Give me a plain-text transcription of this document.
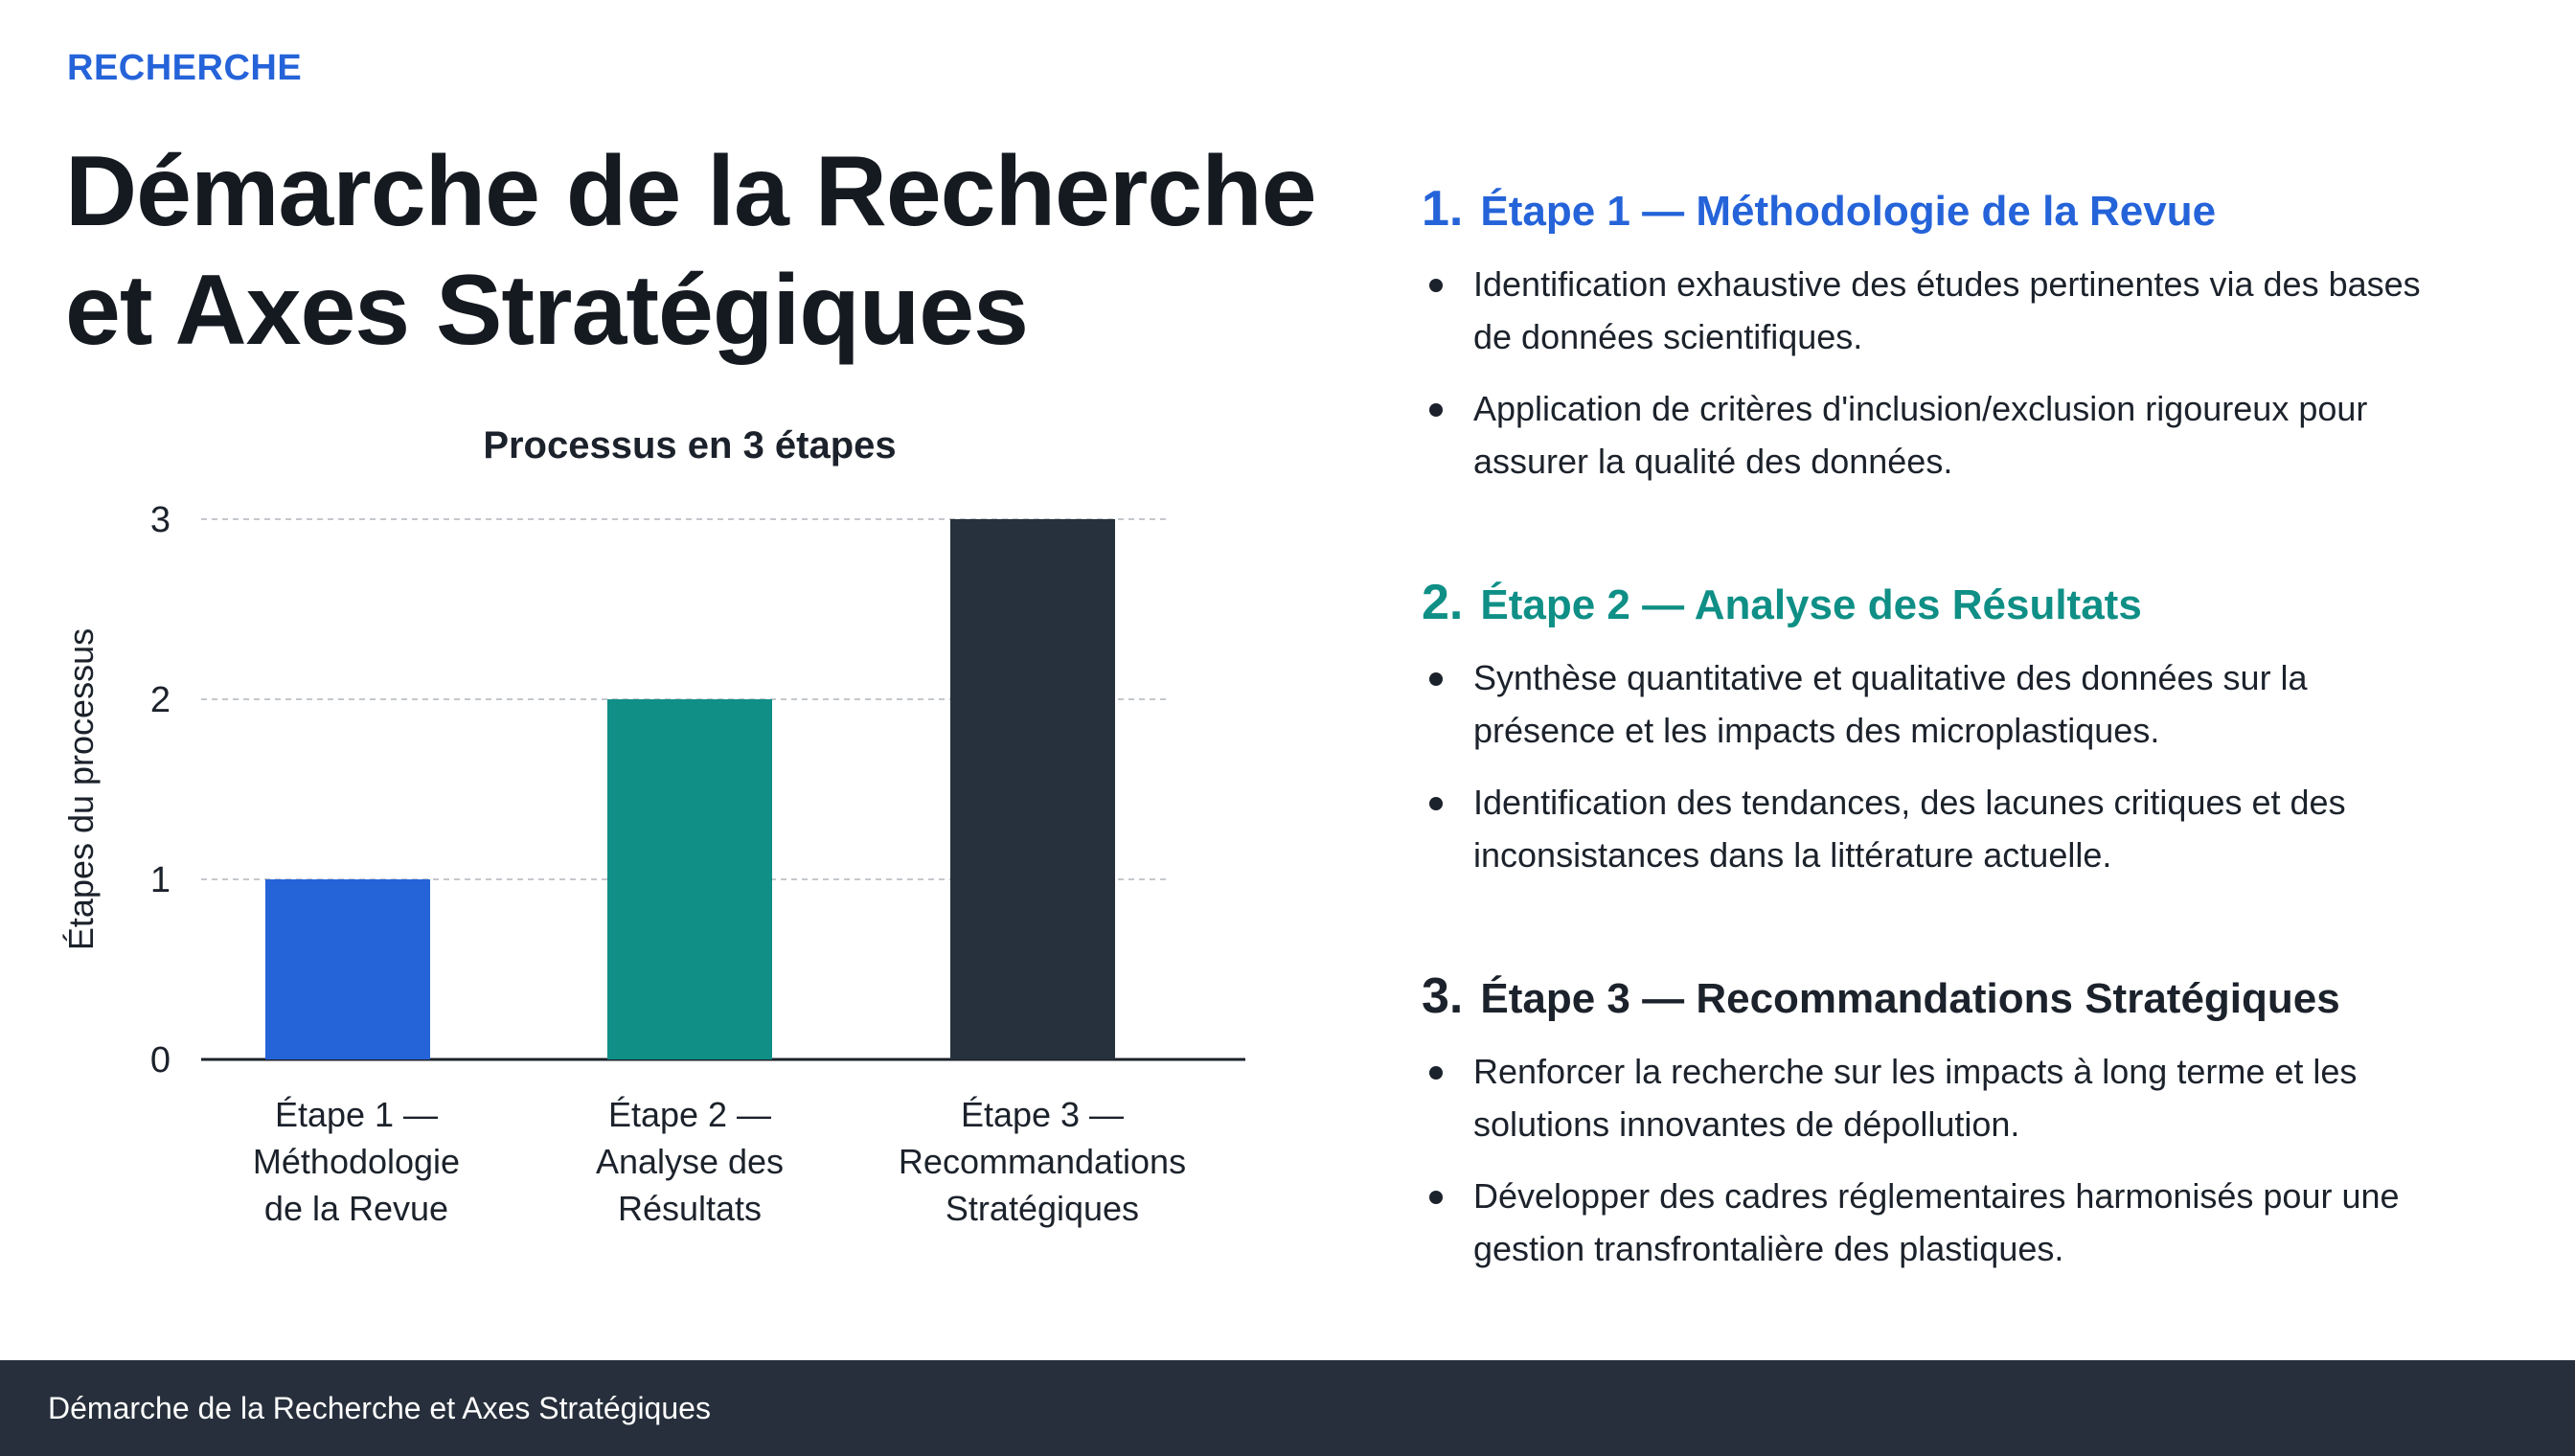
RECHERCHE
Démarche de la Recherche et Axes Stratégiques
Processus en 3 étapes
Étapes du processus
0
1
2
3
Étape 1 —
Méthodologie
de la Revue
Étape 2 —
Analyse des
Résultats
Étape 3 —
Recommandations
Stratégiques
1. Étape 1 — Méthodologie de la Revue
Identification exhaustive des études pertinentes via des bases de données scientifiques.
Application de critères d'inclusion/exclusion rigoureux pour assurer la qualité des données.
2. Étape 2 — Analyse des Résultats
Synthèse quantitative et qualitative des données sur la présence et les impacts des microplastiques.
Identification des tendances, des lacunes critiques et des inconsistances dans la littérature actuelle.
3. Étape 3 — Recommandations Stratégiques
Renforcer la recherche sur les impacts à long terme et les solutions innovantes de dépollution.
Développer des cadres réglementaires harmonisés pour une gestion transfrontalière des plastiques.
Démarche de la Recherche et Axes Stratégiques
